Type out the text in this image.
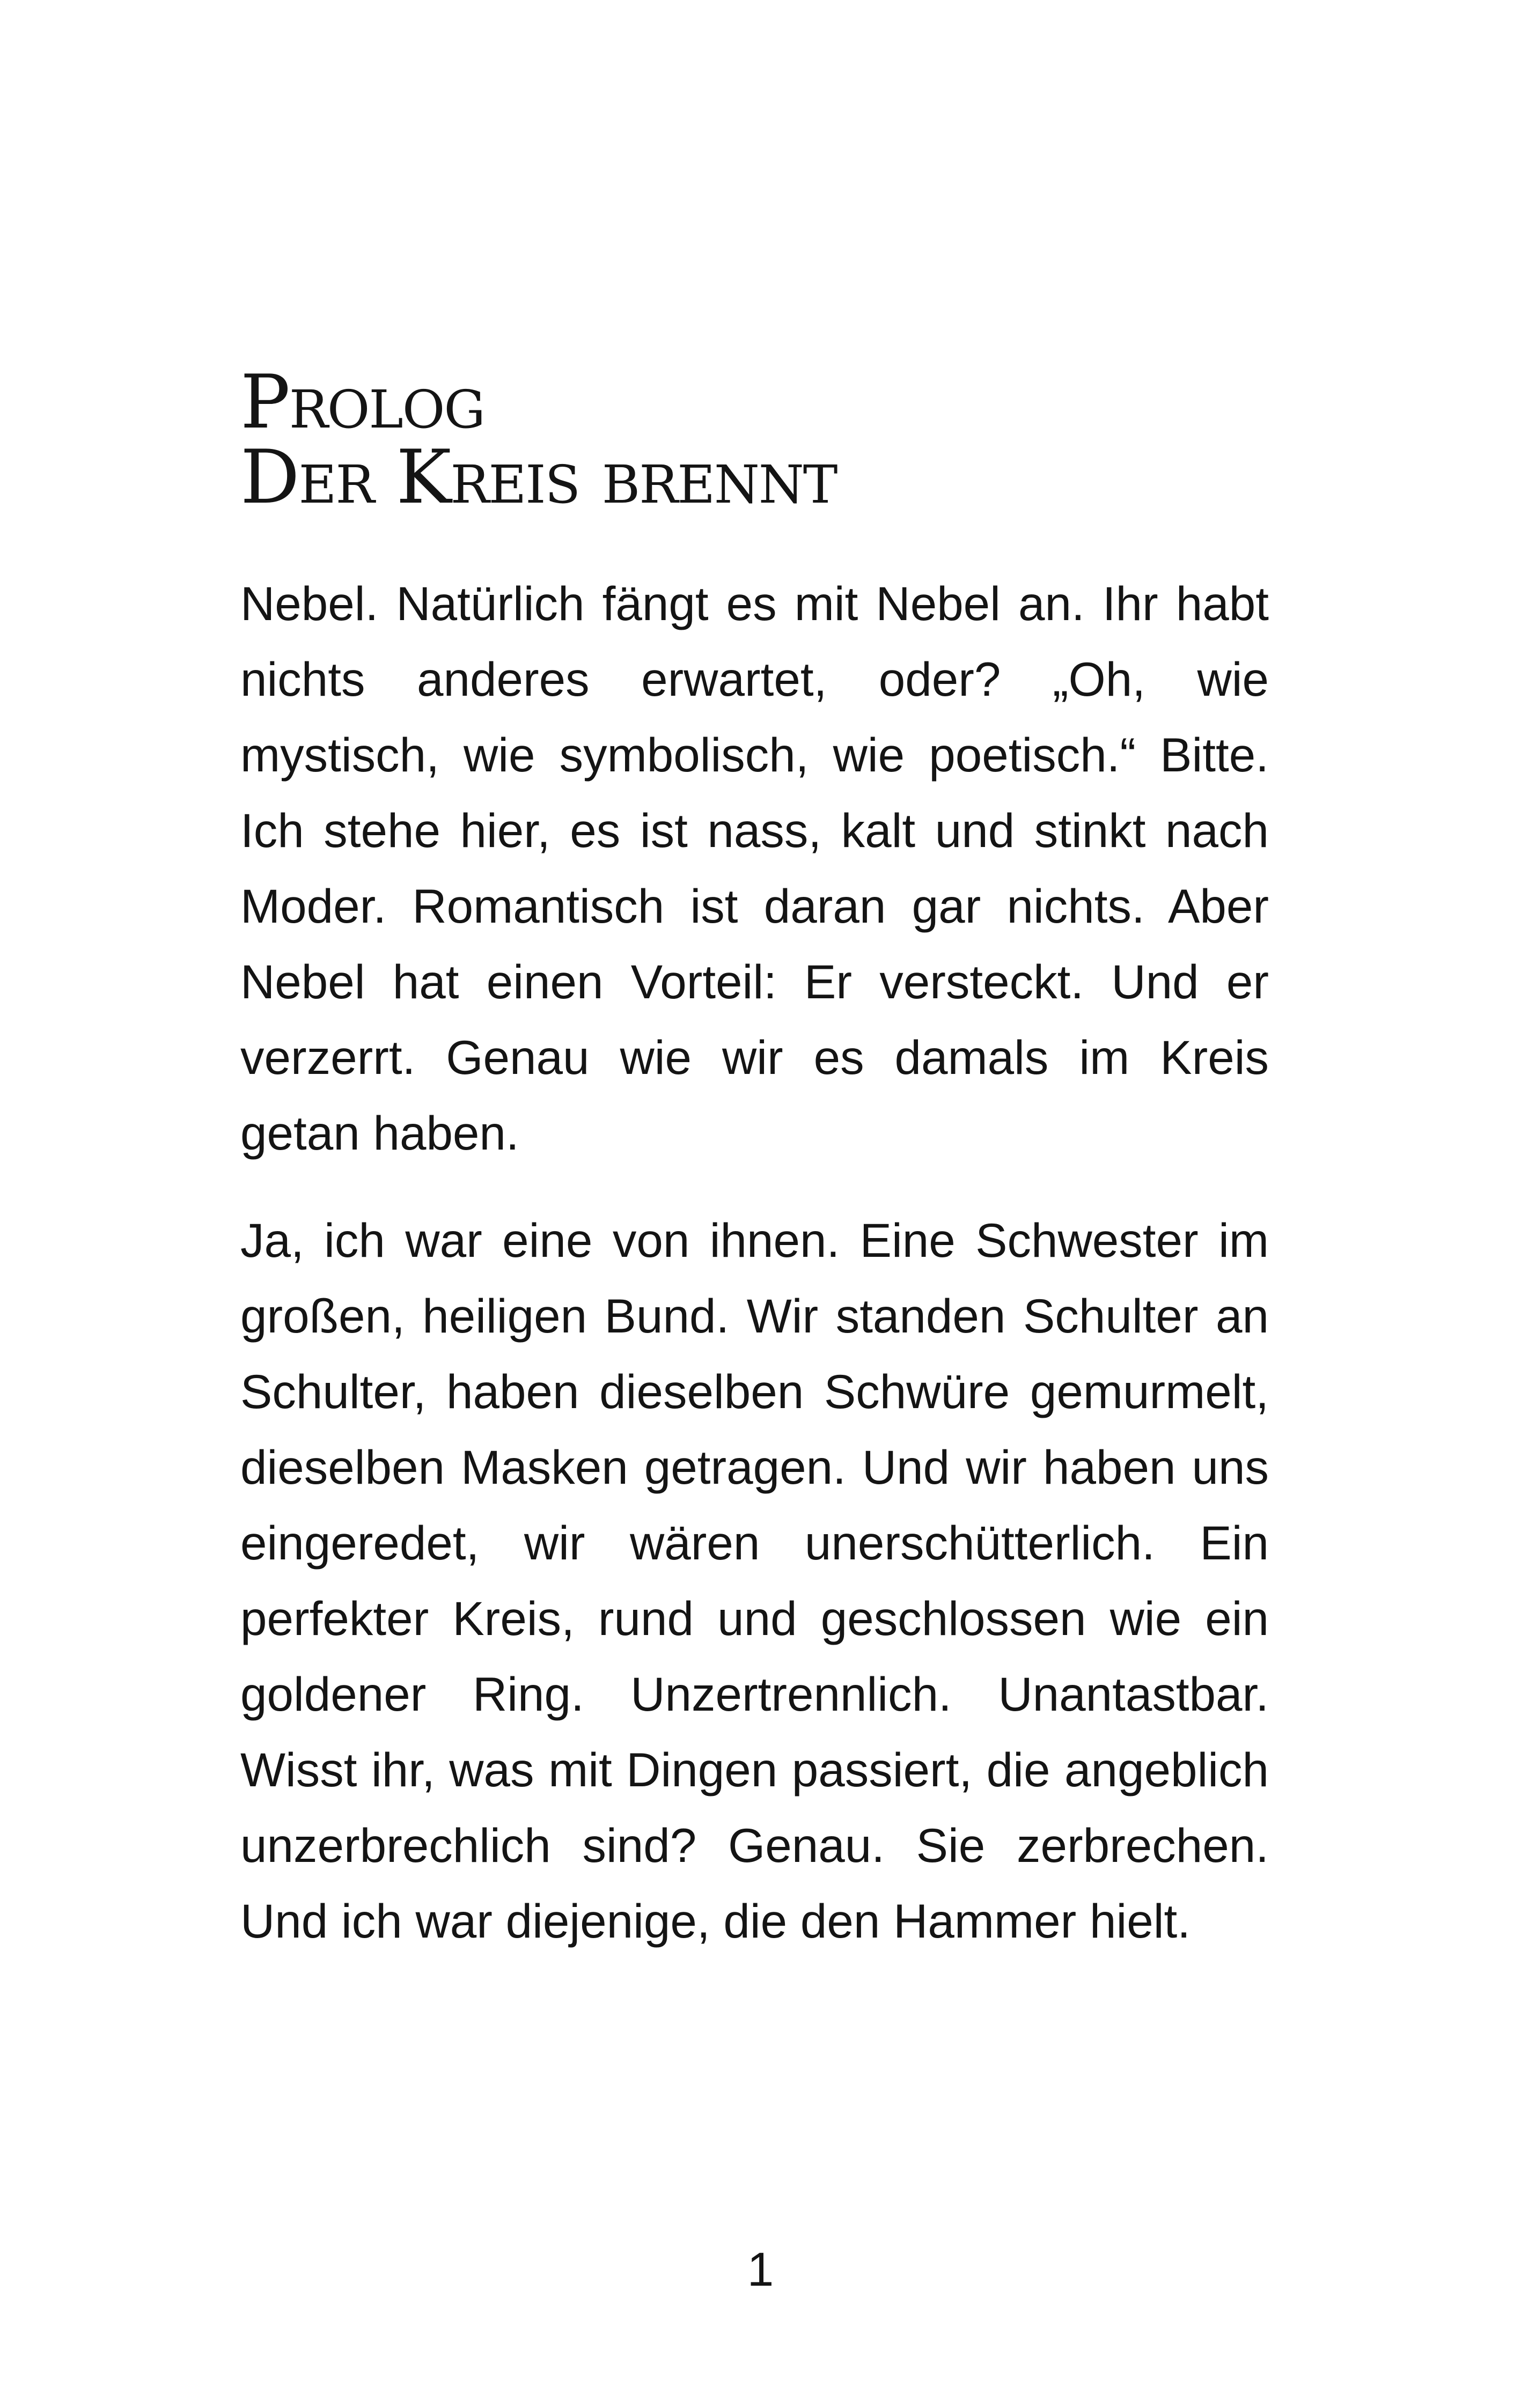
Prolog
Der Kreis brennt

Nebel. Natürlich fängt es mit Nebel an. Ihr habt nichts anderes erwartet, oder? „Oh, wie mystisch, wie symbolisch, wie poetisch.“ Bitte. Ich stehe hier, es ist nass, kalt und stinkt nach Moder. Romantisch ist daran gar nichts. Aber Nebel hat einen Vorteil: Er versteckt. Und er verzerrt. Genau wie wir es damals im Kreis getan haben.

Ja, ich war eine von ihnen. Eine Schwester im großen, heiligen Bund. Wir standen Schulter an Schulter, haben dieselben Schwüre gemurmelt, dieselben Masken getragen. Und wir haben uns eingeredet, wir wären unerschütterlich. Ein perfekter Kreis, rund und geschlossen wie ein goldener Ring. Unzertrennlich. Unantastbar. Wisst ihr, was mit Dingen passiert, die angeblich unzerbrechlich sind? Genau. Sie zerbrechen. Und ich war diejenige, die den Hammer hielt.

1
